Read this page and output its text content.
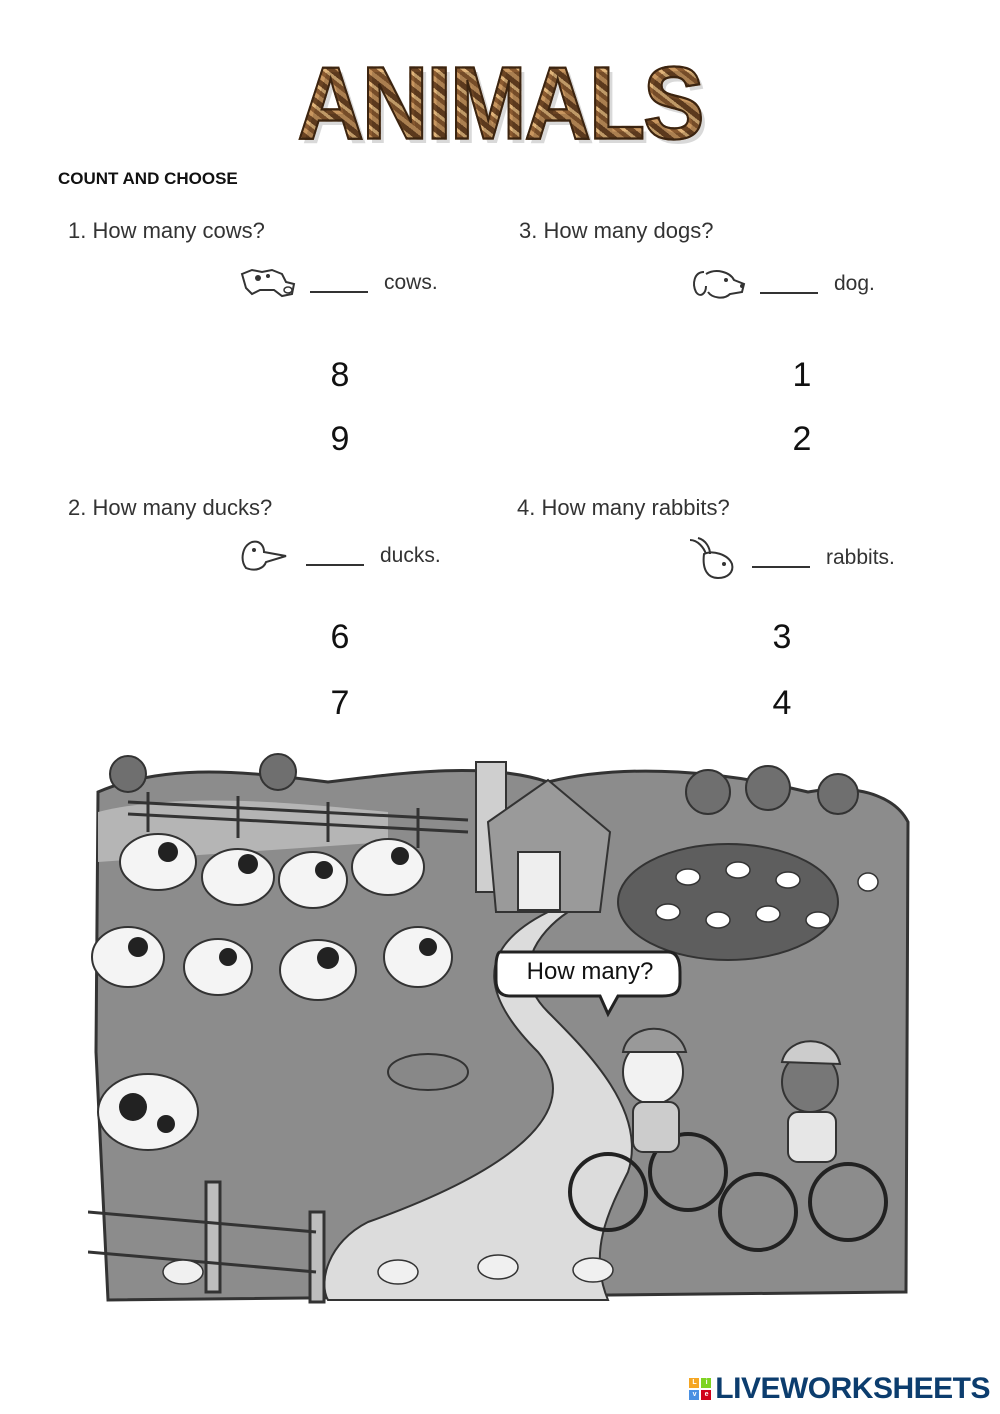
ANIMALS
COUNT AND CHOOSE
1. How many cows?
cows.
8
9
3. How many dogs?
dog.
1
2
2. How many ducks?
ducks.
6
7
4. How many rabbits?
rabbits.
3
4
How many?
L	i
v	e LIVEWORKSHEETS
